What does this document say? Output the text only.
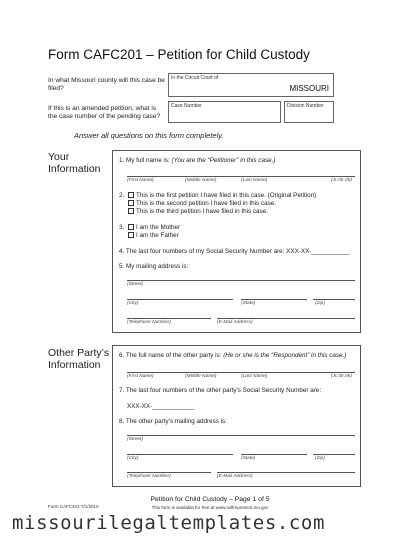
Form CAFC201 – Petition for Child Custody
In what Missouri county will this case be filed?
In the Circuit Court of
MISSOURI
If this is an amended petition, what is the case number of the pending case?
Case Number	Division Number
Answer all questions on this form completely.
Your
Information
1. My full name is: (You are the “Petitioner” in this case.)
(First Name)	(Middle Name)	(Last Name)	(Jr./Sr./III)
2.	This is the first petition I have filed in this case. (Original Petition)
This is the second petition I have filed in this case.
This is the third petition I have filed in this case.
3.	I am the Mother
I am the Father
4. The last four numbers of my Social Security Number are: XXX-XX-___________
5. My mailing address is:
(Street)
(City)	(State)	(Zip)
(Telephone Number)	(E-Mail Address)
Other Party’s
Information
6. The full name of the other party is: (He or she is the “Respondent” in this case.)
(First Name)	(Middle Name)	(Last Name)	(Jr./Sr./III)
7. The last four numbers of the other party’s Social Security Number are:
XXX-XX-____________
8. The other party’s mailing address is:
(Street)
(City)	(State)	(Zip)
(Telephone Number)	(E-Mail Address)
Petition for Child Custody – Page 1 of 5
This form is available for free at www.selfrepresent.mo.gov
Form CAFC201-7/1/2010
missourilegaltemplates.com
